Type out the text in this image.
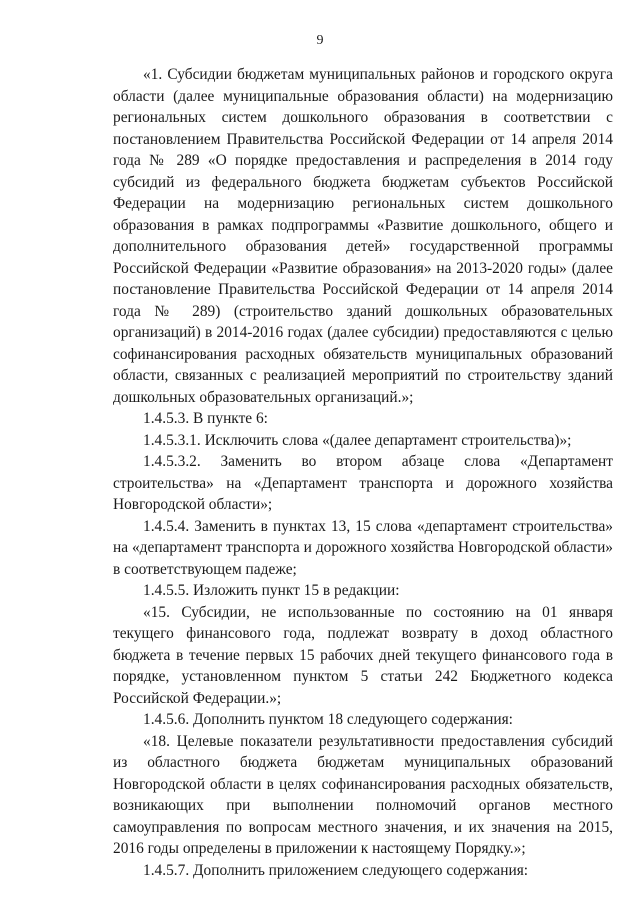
9

«1. Субсидии бюджетам муниципальных районов и городского округа области (далее муниципальные образования области) на модернизацию региональных систем дошкольного образования в соответствии с постановлением Правительства Российской Федерации от 14 апреля 2014 года № 289 «О порядке предоставления и распределения в 2014 году субсидий из федерального бюджета бюджетам субъектов Российской Федерации на модернизацию региональных систем дошкольного образования в рамках подпрограммы «Развитие дошкольного, общего и дополнительного образования детей» государственной программы Российской Федерации «Развитие образования» на 2013-2020 годы» (далее постановление Правительства Российской Федерации от 14 апреля 2014 года № 289) (строительство зданий дошкольных образовательных организаций) в 2014-2016 годах (далее субсидии) предоставляются с целью софинансирования расходных обязательств муниципальных образований области, связанных с реализацией мероприятий по строительству зданий дошкольных образовательных организаций.»;

1.4.5.3. В пункте 6:

1.4.5.3.1. Исключить слова «(далее департамент строительства)»;

1.4.5.3.2. Заменить во втором абзаце слова «Департамент строительства» на «Департамент транспорта и дорожного хозяйства Новгородской области»;

1.4.5.4. Заменить в пунктах 13, 15 слова «департамент строительства» на «департамент транспорта и дорожного хозяйства Новгородской области» в соответствующем падеже;

1.4.5.5. Изложить пункт 15 в редакции:

«15. Субсидии, не использованные по состоянию на 01 января текущего финансового года, подлежат возврату в доход областного бюджета в течение первых 15 рабочих дней текущего финансового года в порядке, установленном пунктом 5 статьи 242 Бюджетного кодекса Российской Федерации.»;

1.4.5.6. Дополнить пунктом 18 следующего содержания:

«18. Целевые показатели результативности предоставления субсидий из областного бюджета бюджетам муниципальных образований Новгородской области в целях софинансирования расходных обязательств, возникающих при выполнении полномочий органов местного самоуправления по вопросам местного значения, и их значения на 2015, 2016 годы определены в приложении к настоящему Порядку.»;

1.4.5.7. Дополнить приложением следующего содержания:
